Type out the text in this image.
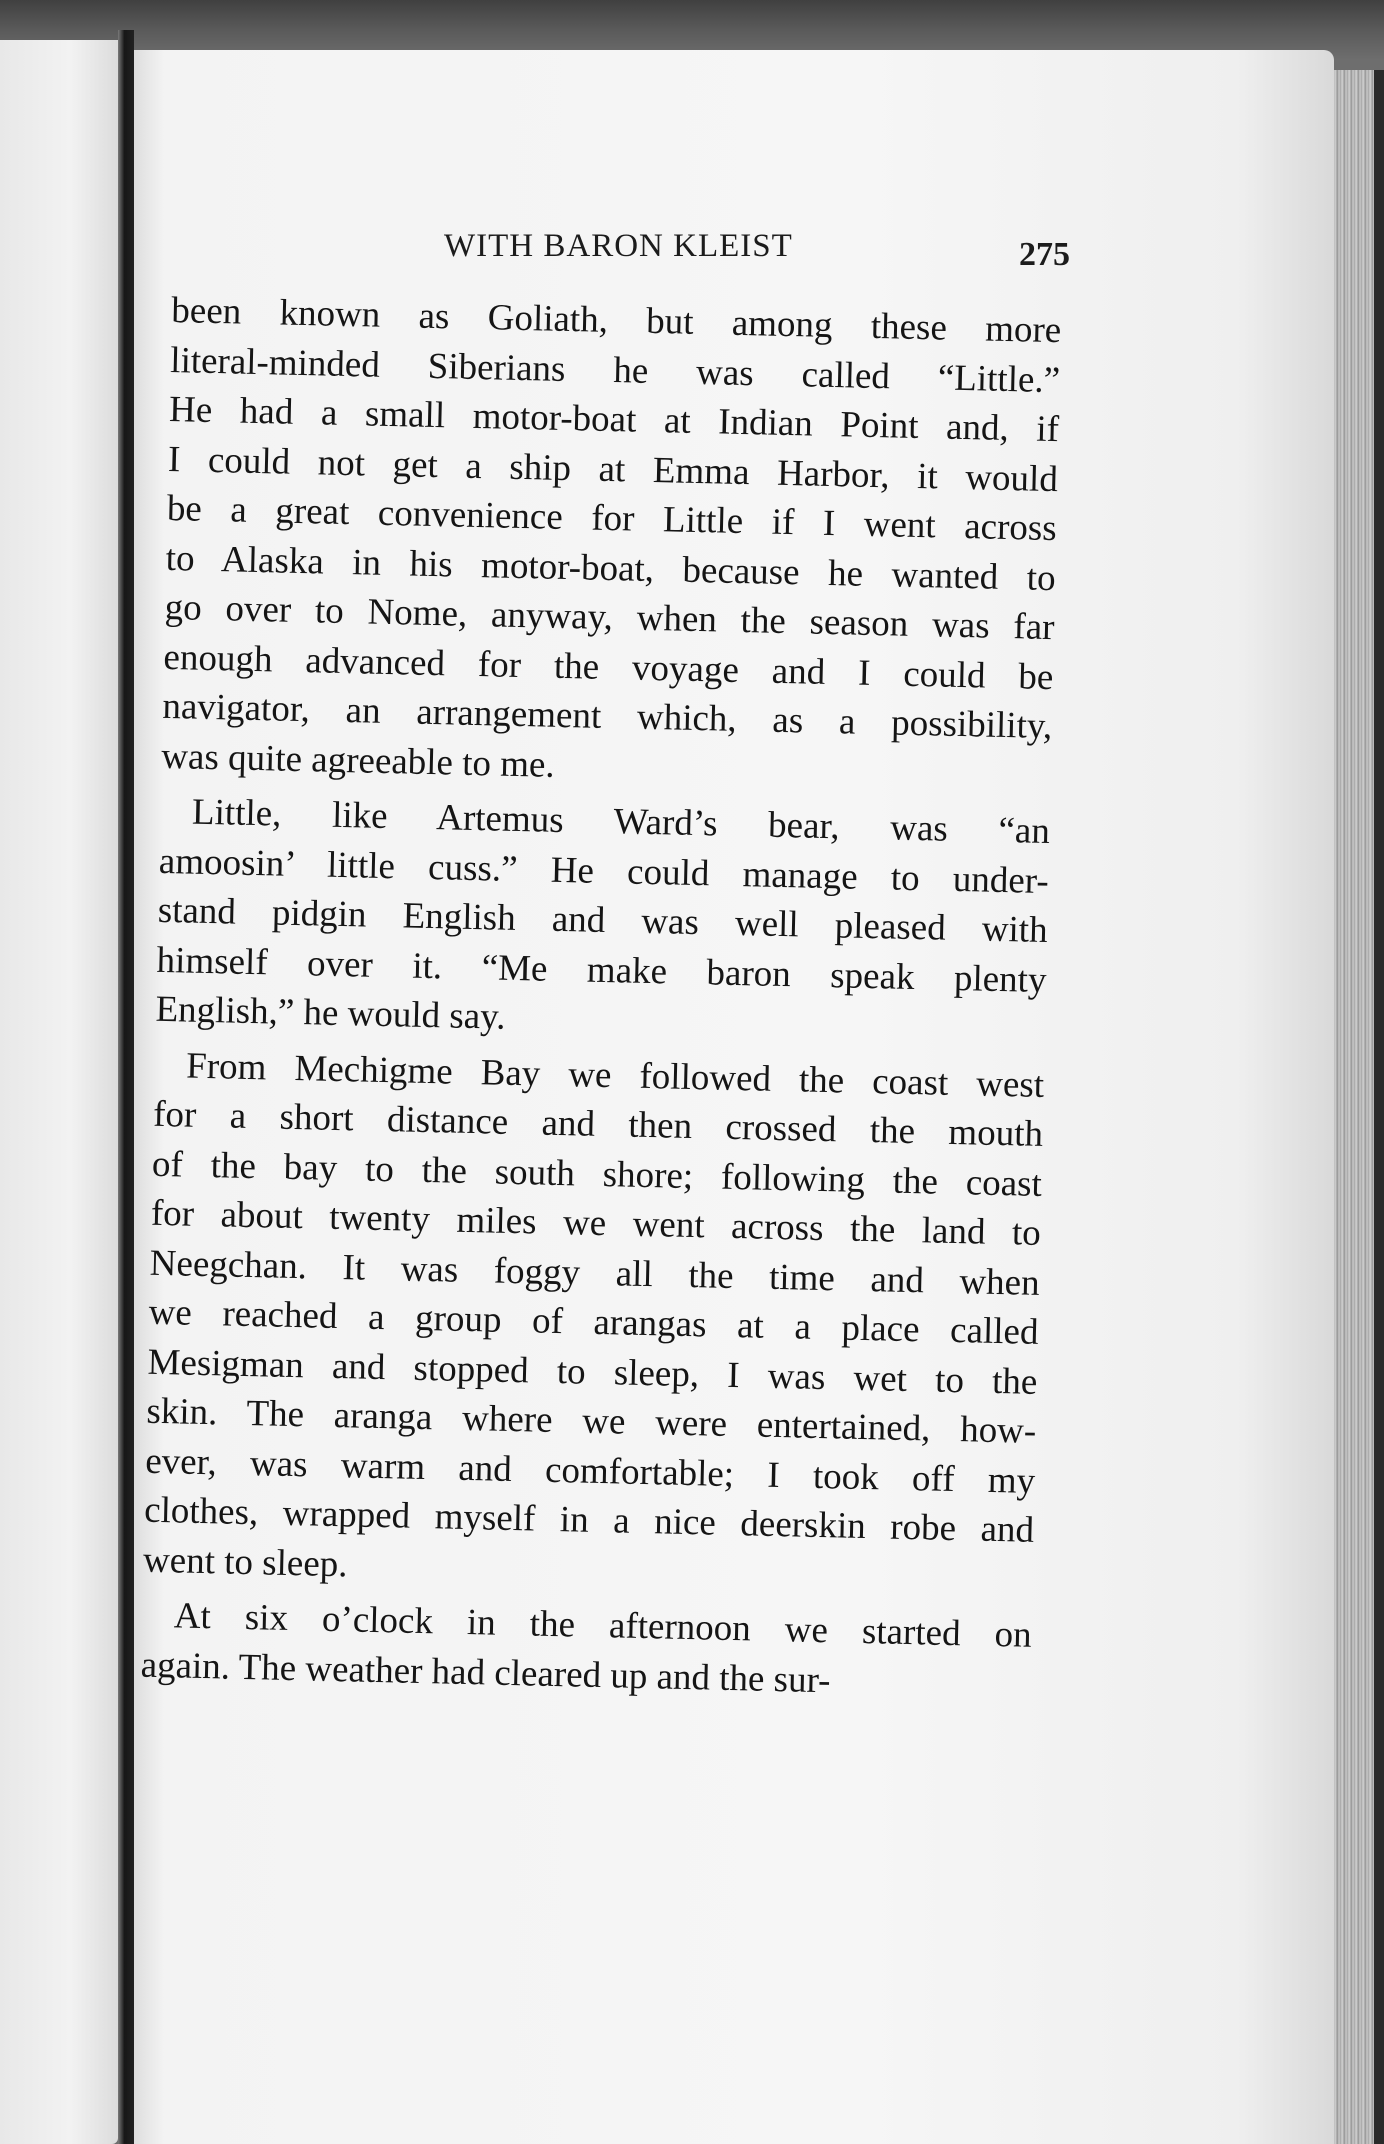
WITH BARON KLEIST	275
been known as Goliath, but among these more
literal-minded Siberians he was called “Little.”
He had a small motor-boat at Indian Point and, if
I could not get a ship at Emma Harbor, it would
be a great convenience for Little if I went across
to Alaska in his motor-boat, because he wanted to
go over to Nome, anyway, when the season was far
enough advanced for the voyage and I could be
navigator, an arrangement which, as a possibility,
was quite agreeable to me.
Little, like Artemus Ward’s bear, was “an
amoosin’ little cuss.” He could manage to under-
stand pidgin English and was well pleased with
himself over it. “Me make baron speak plenty
English,” he would say.
From Mechigme Bay we followed the coast west
for a short distance and then crossed the mouth
of the bay to the south shore; following the coast
for about twenty miles we went across the land to
Neegchan. It was foggy all the time and when
we reached a group of arangas at a place called
Mesigman and stopped to sleep, I was wet to the
skin. The aranga where we were entertained, how-
ever, was warm and comfortable; I took off my
clothes, wrapped myself in a nice deerskin robe and
went to sleep.
At six o’clock in the afternoon we started on
again. The weather had cleared up and the sur-
